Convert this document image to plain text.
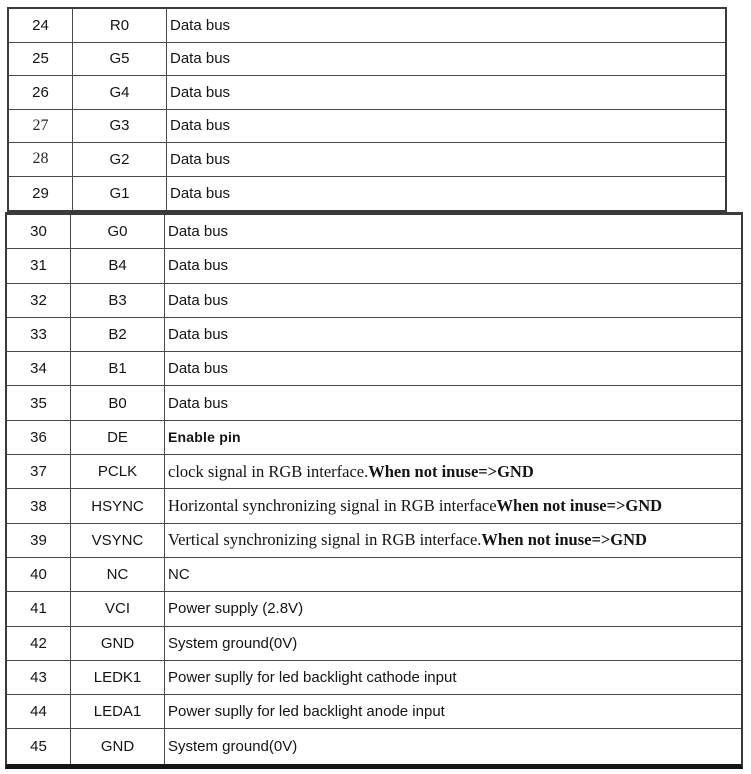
24	R0	Data bus
25	G5	Data bus
26	G4	Data bus
27	G3	Data bus
28	G2	Data bus
29	G1	Data bus
30	G0	Data bus
31	B4	Data bus
32	B3	Data bus
33	B2	Data bus
34	B1	Data bus
35	B0	Data bus
36	DE	Enable pin
37	PCLK	clock signal in RGB interface. When not inuse=>GND
38	HSYNC	Horizontal synchronizing signal in RGB interface When not inuse=>GND
39	VSYNC	Vertical synchronizing signal in RGB interface. When not inuse=>GND
40	NC	NC
41	VCI	Power supply (2.8V)
42	GND	System ground(0V)
43	LEDK1	Power suplly for led backlight cathode input
44	LEDA1	Power suplly for led backlight anode input
45	GND	System ground(0V)
